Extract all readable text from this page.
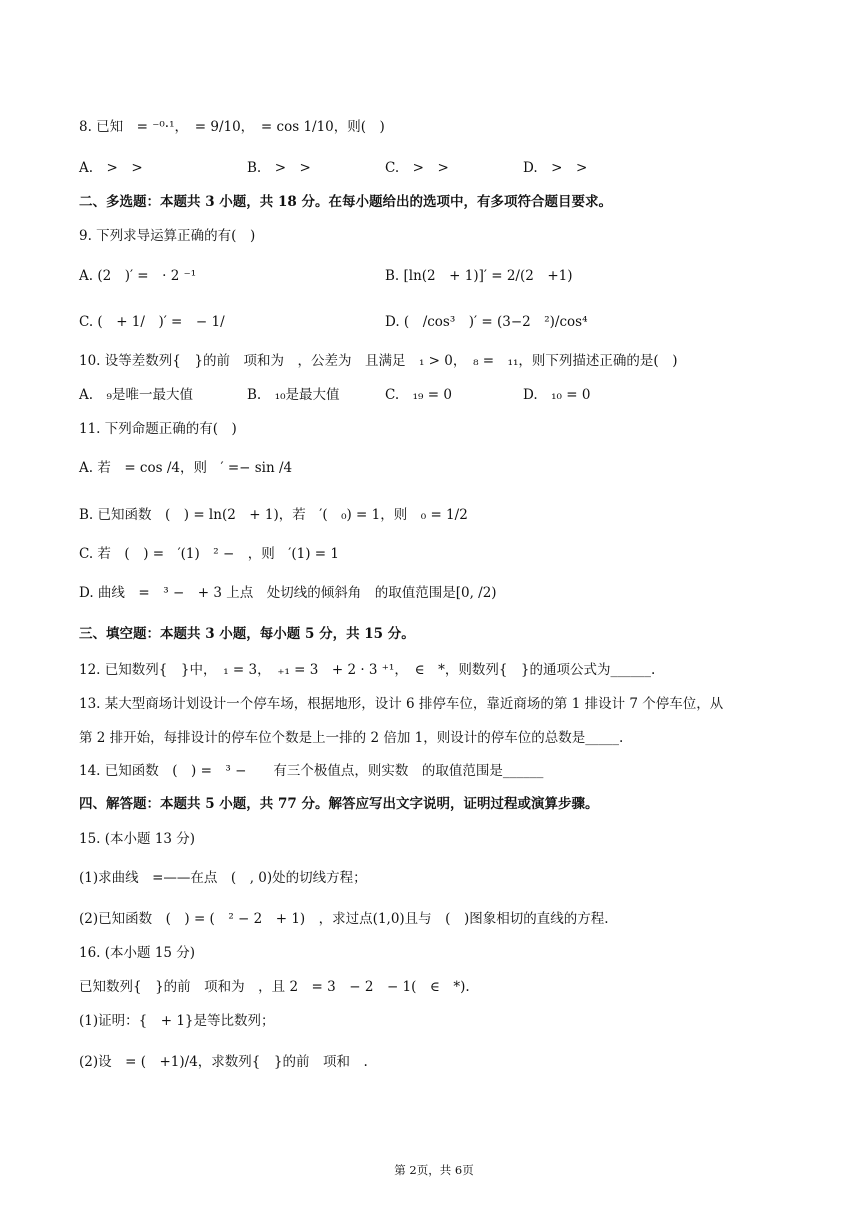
8. 已知　= ⁻⁰·¹，　= 9/10，　= cos 1/10，则(　)
A.　>　>	B.　>　>	C.　>　>	D.　>　>
二、多选题：本题共 3 小题，共 18 分。在每小题给出的选项中，有多项符合题目要求。
9. 下列求导运算正确的有(　)
A. (2　)′ =　· 2 ⁻¹	B. [ln(2　+ 1)]′ = 2/(2　+1)
C. (　+ 1/　)′ =　− 1/	D. (　/cos³　)′ = (3−2　²)/cos⁴
10. 设等差数列{　}的前　项和为　，公差为　且满足　₁ > 0，　₈ =　₁₁，则下列描述正确的是(　)
A.　₉是唯一最大值	B.　₁₀是最大值	C.　₁₉ = 0	D.　₁₀ = 0
11. 下列命题正确的有(　)
A. 若　= cos /4，则　′ =− sin /4
B. 已知函数　(　) = ln(2　+ 1)，若　′(　₀) = 1，则　₀ = 1/2
C. 若　(　) =　′(1)　² −　，则　′(1) = 1
D. 曲线　=　³ −　+ 3 上点　处切线的倾斜角　的取值范围是[0, /2)
三、填空题：本题共 3 小题，每小题 5 分，共 15 分。
12. 已知数列{　}中，　₁ = 3，　₊₁ = 3　+ 2 · 3 ⁺¹，　∈　*，则数列{　}的通项公式为______.
13. 某大型商场计划设计一个停车场，根据地形，设计 6 排停车位，靠近商场的第 1 排设计 7 个停车位，从
第 2 排开始，每排设计的停车位个数是上一排的 2 倍加 1，则设计的停车位的总数是_____.
14. 已知函数　(　) =　³ −　　有三个极值点，则实数　的取值范围是______
四、解答题：本题共 5 小题，共 77 分。解答应写出文字说明，证明过程或演算步骤。
15. (本小题 13 分)
(1)求曲线　=——在点　(　, 0)处的切线方程；
(2)已知函数　(　) = (　² − 2　+ 1)　，求过点(1,0)且与　(　)图象相切的直线的方程.
16. (本小题 15 分)
已知数列{　}的前　项和为　，且 2　= 3　− 2　− 1(　∈　*).
(1)证明：{　+ 1}是等比数列；
(2)设　= (　+1)/4，求数列{　}的前　项和　.
第 2页，共 6页
